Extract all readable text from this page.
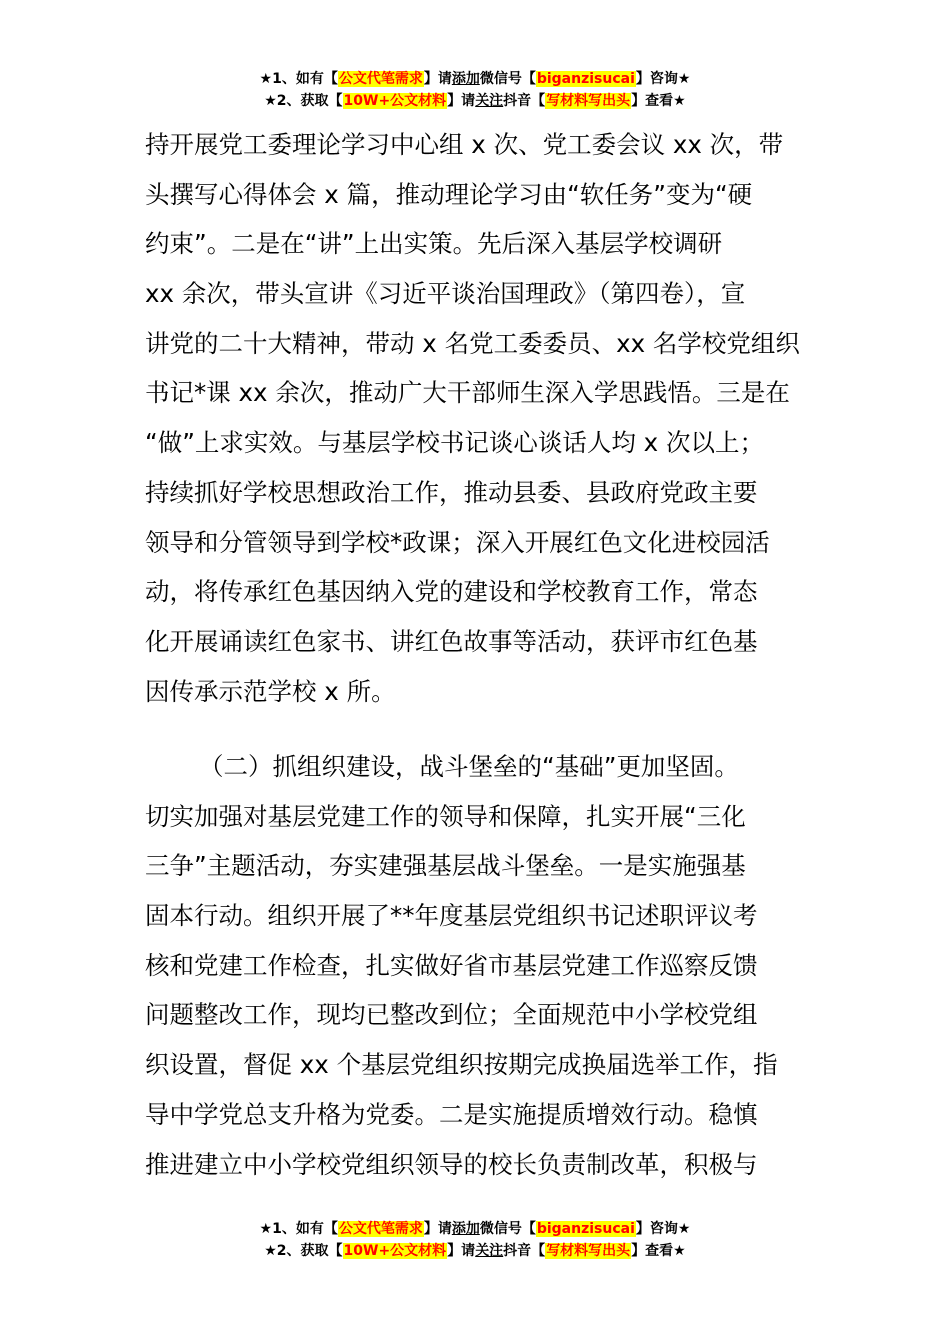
★1、如有【公文代笔需求】请添加微信号【biganzisucai】咨询★
★2、获取【10W+公文材料】请关注抖音【写材料写出头】查看★
持开展党工委理论学习中心组 x 次、党工委会议 xx 次，带
头撰写心得体会 x 篇，推动理论学习由“软任务”变为“硬
约束”。二是在“讲”上出实策。先后深入基层学校调研
xx 余次，带头宣讲《习近平谈治国理政》（第四卷），宣
讲党的二十大精神，带动 x 名党工委委员、xx 名学校党组织
书记*课 xx 余次，推动广大干部师生深入学思践悟。三是在
“做”上求实效。与基层学校书记谈心谈话人均 x 次以上；
持续抓好学校思想政治工作，推动县委、县政府党政主要
领导和分管领导到学校*政课；深入开展红色文化进校园活
动，将传承红色基因纳入党的建设和学校教育工作，常态
化开展诵读红色家书、讲红色故事等活动，获评市红色基
因传承示范学校 x 所。
（二）抓组织建设，战斗堡垒的“基础”更加坚固。
切实加强对基层党建工作的领导和保障，扎实开展“三化
三争”主题活动，夯实建强基层战斗堡垒。一是实施强基
固本行动。组织开展了**年度基层党组织书记述职评议考
核和党建工作检查，扎实做好省市基层党建工作巡察反馈
问题整改工作，现均已整改到位；全面规范中小学校党组
织设置，督促 xx 个基层党组织按期完成换届选举工作，指
导中学党总支升格为党委。二是实施提质增效行动。稳慎
推进建立中小学校党组织领导的校长负责制改革，积极与
★1、如有【公文代笔需求】请添加微信号【biganzisucai】咨询★
★2、获取【10W+公文材料】请关注抖音【写材料写出头】查看★
